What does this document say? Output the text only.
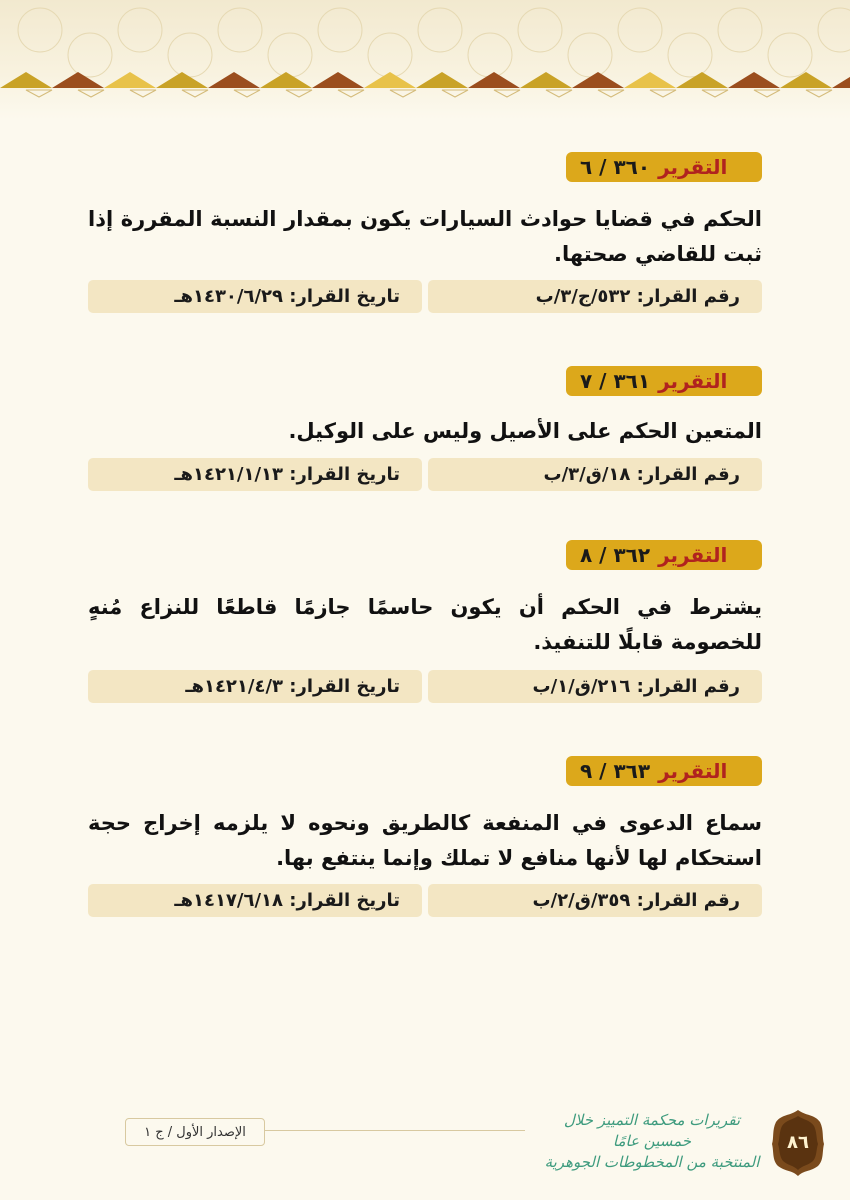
التقرير
٣٦٠ / ٦
الحكم في قضايا حوادث السيارات يكون بمقدار النسبة المقررة إذا ثبت للقاضي صحتها.
رقم القرار: ٥٣٢/ج/٣/ب
تاريخ القرار: ١٤٣٠/٦/٢٩هـ
التقرير
٣٦١ / ٧
المتعين الحكم على الأصيل وليس على الوكيل.
رقم القرار: ١٨/ق/٣/ب
تاريخ القرار: ١٤٢١/١/١٣هـ
التقرير
٣٦٢ / ٨
يشترط في الحكم أن يكون حاسمًا جازمًا قاطعًا للنزاع مُنهٍ للخصومة قابلًا للتنفيذ.
رقم القرار: ٢١٦/ق/١/ب
تاريخ القرار: ١٤٢١/٤/٣هـ
التقرير
٣٦٣ / ٩
سماع الدعوى في المنفعة كالطريق ونحوه لا يلزمه إخراج حجة استحكام لها لأنها منافع لا تملك وإنما ينتفع بها.
رقم القرار: ٣٥٩/ق/٢/ب
تاريخ القرار: ١٤١٧/٦/١٨هـ
الإصدار الأول / ج ١
تقريرات محكمة التمييز خلال خمسين عامًا
المنتخبة من المخطوطات الجوهرية
٨٦
